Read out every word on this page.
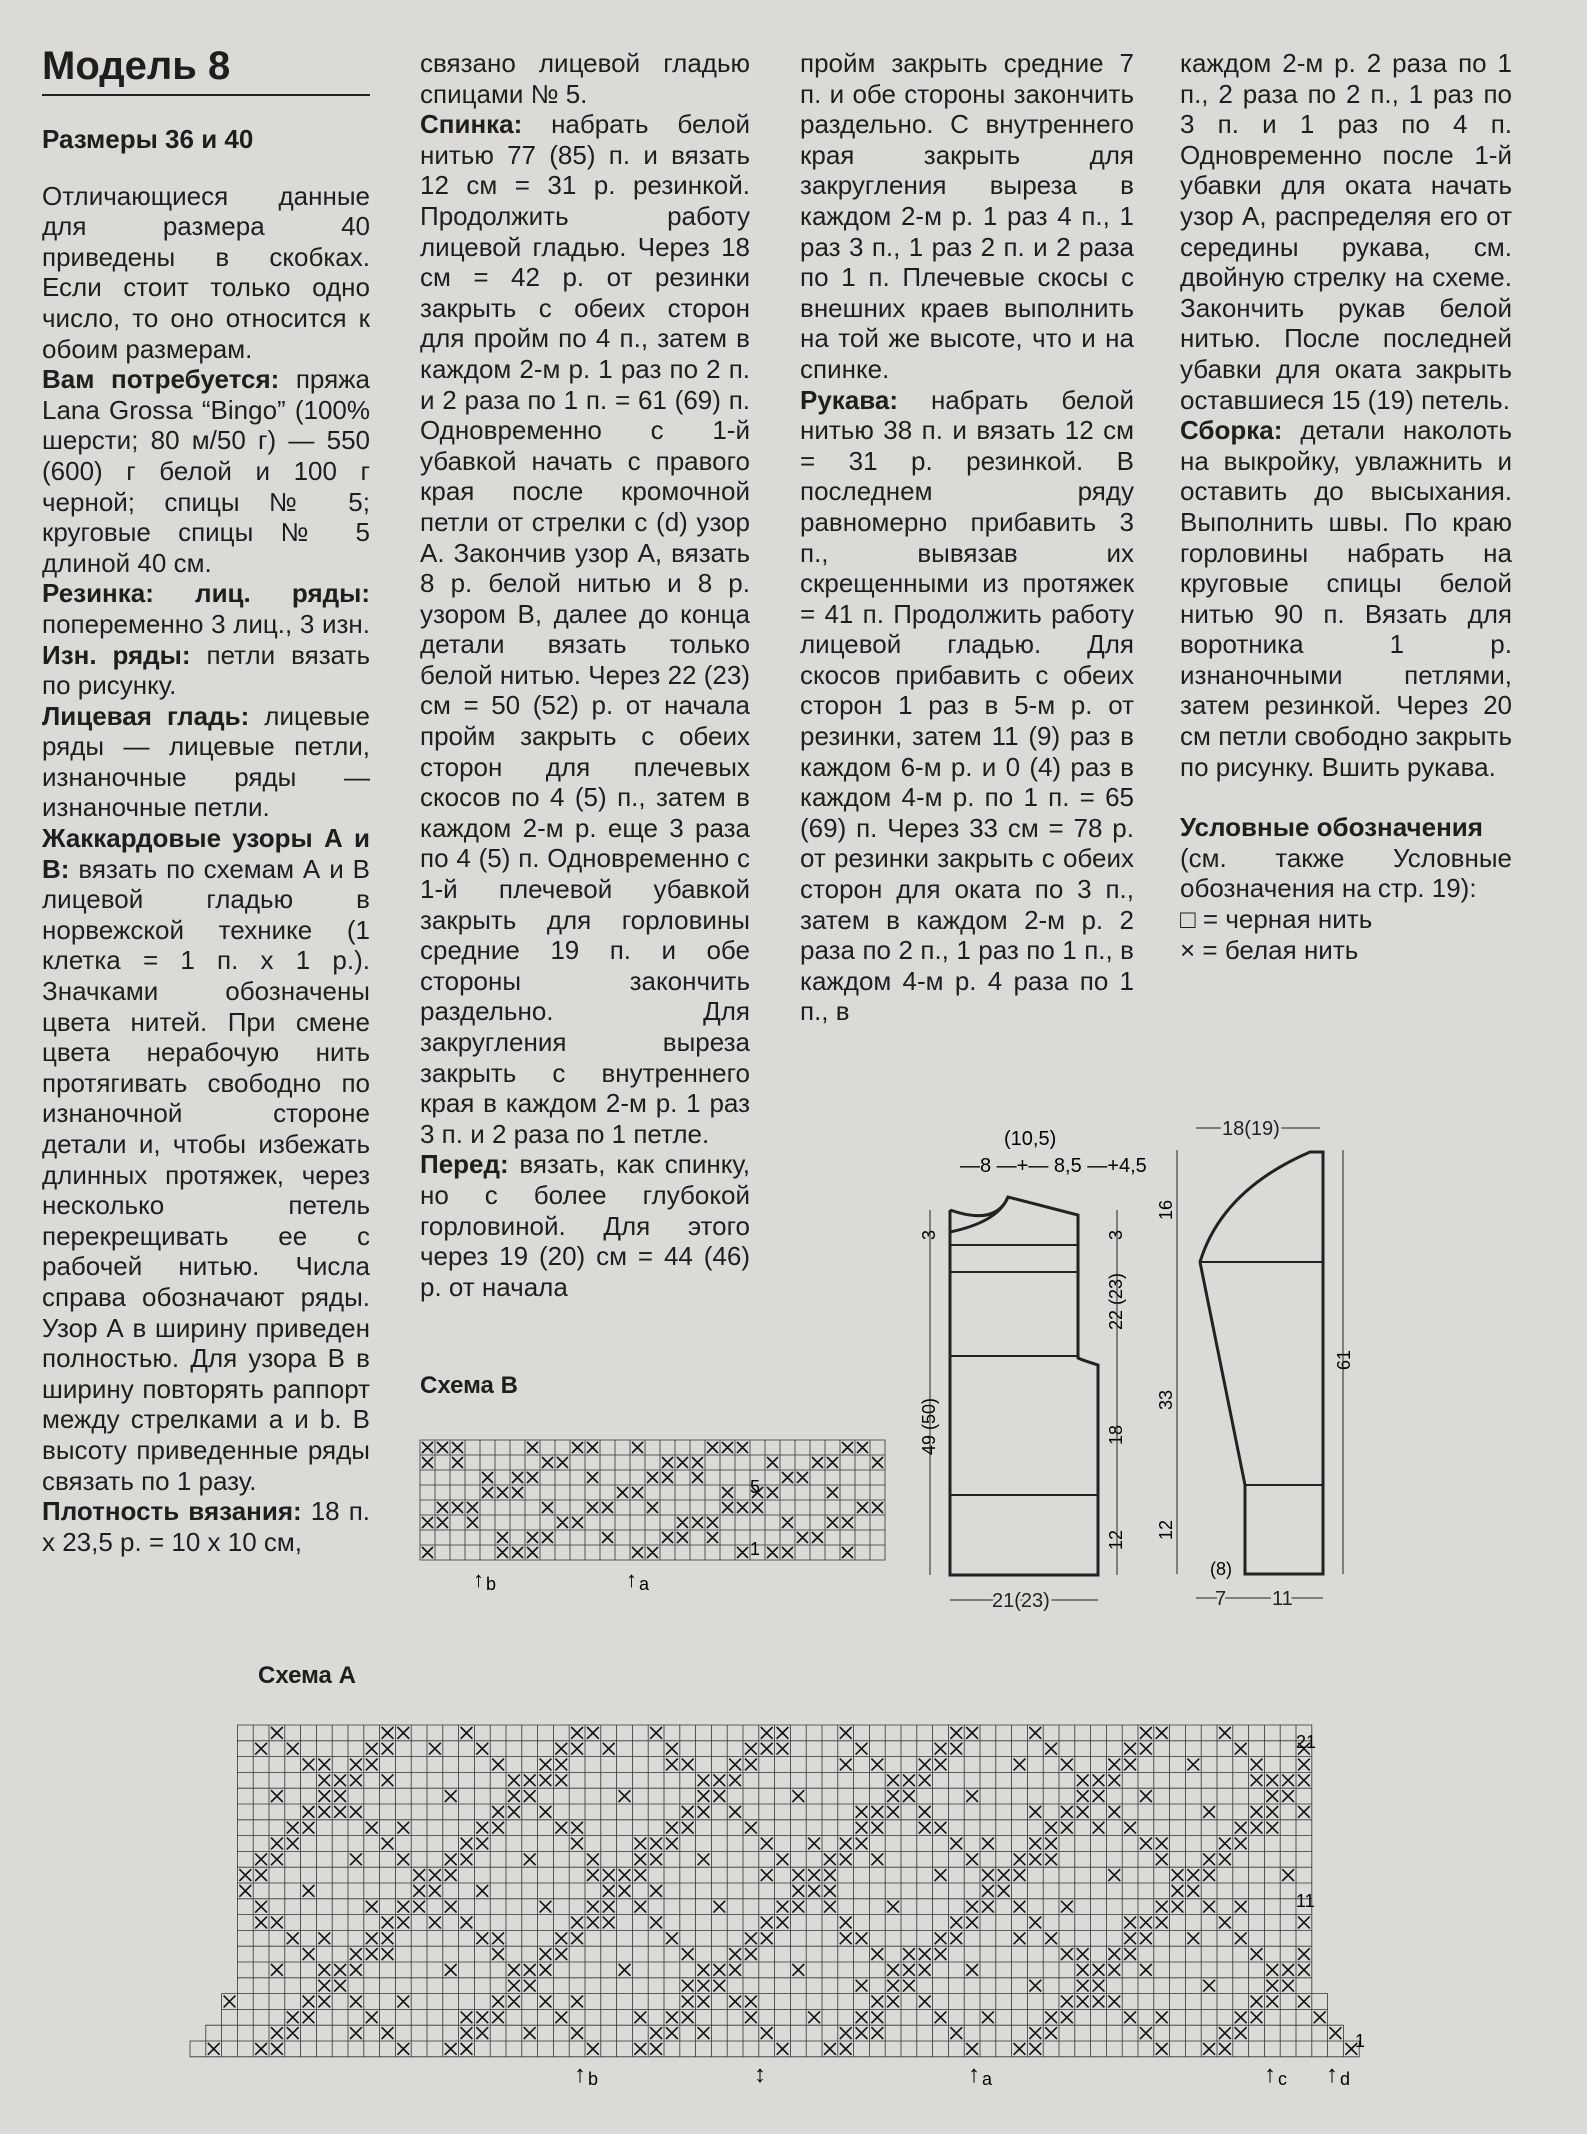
Модель 8
Размеры 36 и 40

Отличающиеся данные для размера 40 приведены в скобках. Если стоит только одно число, то оно относится к обоим размерам.

Вам потребуется: пряжа Lana Grossa “Bingo” (100% шерсти; 80 м/50 г) — 550 (600) г белой и 100 г черной; спицы № 5; круговые спицы № 5 длиной 40 см.

Резинка: лиц. ряды: попеременно 3 лиц., 3 изн. Изн. ряды: петли вязать по рисунку.

Лицевая гладь: лицевые ряды — лицевые петли, изнаночные ряды — изнаночные петли.

Жаккардовые узоры А и В: вязать по схемам А и В лицевой гладью в норвежской технике (1 клетка = 1 п. х 1 р.). Значками обозначены цвета нитей. При смене цвета нерабочую нить протягивать свободно по изнаночной стороне детали и, чтобы избежать длинных протяжек, через несколько петель перекрещивать ее с рабочей нитью. Числа справа обозначают ряды. Узор А в ширину приведен полностью. Для узора В в ширину повторять раппорт между стрелками a и b. В высоту приведенные ряды связать по 1 разу.

Плотность вязания: 18 п. х 23,5 р. = 10 х 10 см,

связано лицевой гладью спицами № 5.

Спинка: набрать белой нитью 77 (85) п. и вязать 12 см = 31 р. резинкой. Продолжить работу лицевой гладью. Через 18 см = 42 р. от резинки закрыть с обеих сторон для пройм по 4 п., затем в каждом 2-м р. 1 раз по 2 п. и 2 раза по 1 п. = 61 (69) п. Одновременно с 1-й убавкой начать с правого края после кромочной петли от стрелки c (d) узор A. Закончив узор A, вязать 8 р. белой нитью и 8 р. узором B, далее до конца детали вязать только белой нитью. Через 22 (23) см = 50 (52) р. от начала пройм закрыть с обеих сторон для плечевых скосов по 4 (5) п., затем в каждом 2-м р. еще 3 раза по 4 (5) п. Одновременно с 1-й плечевой убавкой закрыть для горловины средние 19 п. и обе стороны закончить раздельно. Для закругления выреза закрыть с внутреннего края в каждом 2-м р. 1 раз 3 п. и 2 раза по 1 петле.

Перед: вязать, как спинку, но с более глубокой горловиной. Для этого через 19 (20) см = 44 (46) р. от начала

пройм закрыть средние 7 п. и обе стороны закончить раздельно. С внутреннего края закрыть для закругления выреза в каждом 2-м р. 1 раз 4 п., 1 раз 3 п., 1 раз 2 п. и 2 раза по 1 п. Плечевые скосы с внешних краев выполнить на той же высоте, что и на спинке.

Рукава: набрать белой нитью 38 п. и вязать 12 см = 31 р. резинкой. В последнем ряду равномерно прибавить 3 п., вывязав их скрещенными из протяжек = 41 п. Продолжить работу лицевой гладью. Для скосов прибавить с обеих сторон 1 раз в 5-м р. от резинки, затем 11 (9) раз в каждом 6-м р. и 0 (4) раз в каждом 4-м р. по 1 п. = 65 (69) п. Через 33 см = 78 р. от резинки закрыть с обеих сторон для оката по 3 п., затем в каждом 2-м р. 2 раза по 2 п., 1 раз по 1 п., в каждом 4-м р. 4 раза по 1 п., в

каждом 2-м р. 2 раза по 1 п., 2 раза по 2 п., 1 раз по 3 п. и 1 раз по 4 п. Одновременно после 1-й убавки для оката начать узор A, распределяя его от середины рукава, см. двойную стрелку на схеме. Закончить рукав белой нитью. После последней убавки для оката закрыть оставшиеся 15 (19) петель.

Сборка: детали наколоть на выкройку, увлажнить и оставить до высыхания. Выполнить швы. По краю горловины набрать на круговые спицы белой нитью 90 п. Вязать для воротника 1 р. изнаночными петлями, затем резинкой. Через 20 см петли свободно закрыть по рисунку. Вшить рукава.

Условные обозначения

(см. также Условные обозначения на стр. 19):

□ = черная нить

× = белая нить

Схема B
5
1
↑ b	↑ a
(10,5)
—8 —+— 8,5 —+4,5
3	3
22 (23)
18
12
49 (50)
21(23)
18(19)
16
33
12
61
(8)
7 11
Схема A
21
11
1
↑ b	↕	↑ a	↑ c ↑ d
